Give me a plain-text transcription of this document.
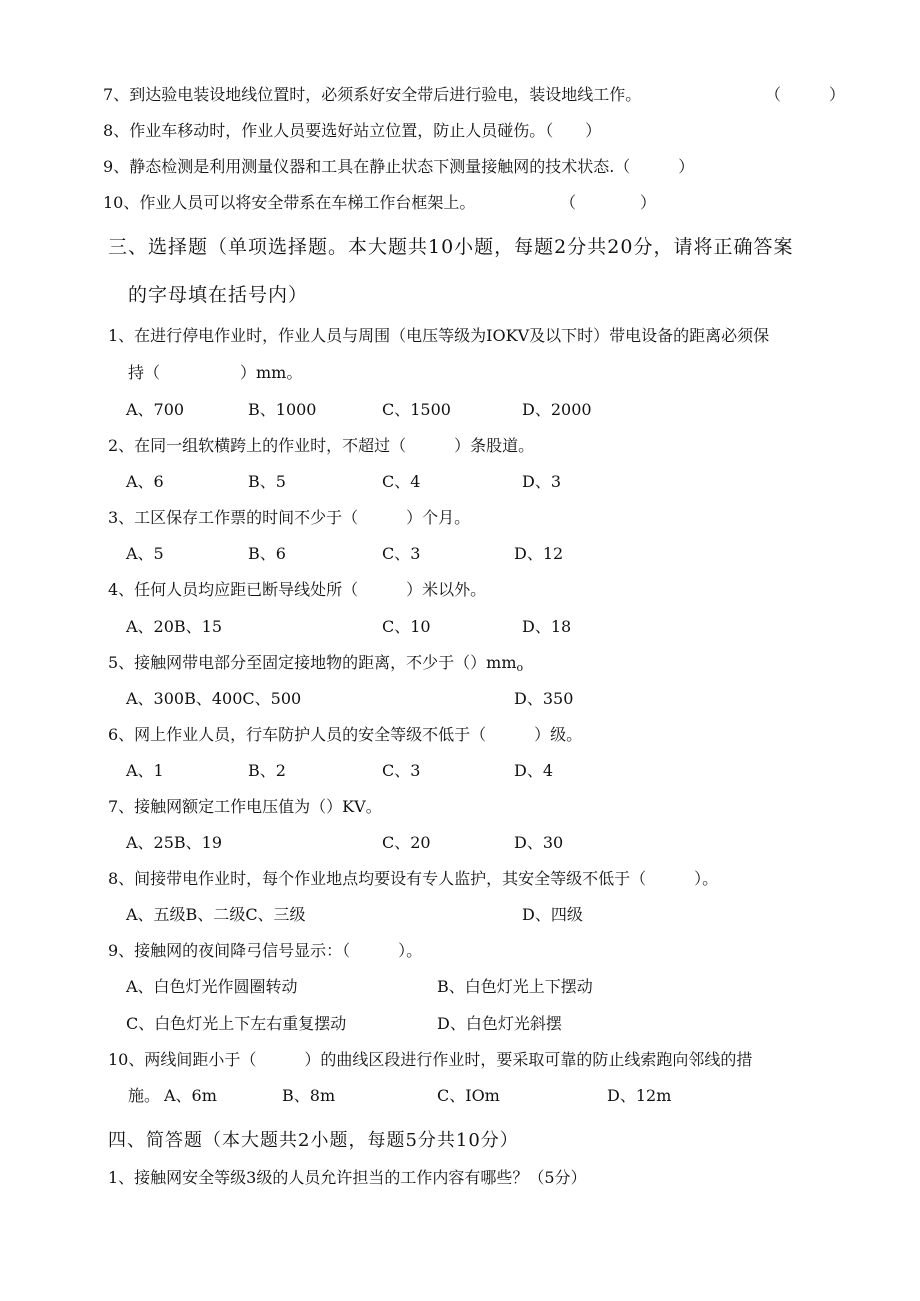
7、到达验电装设地线位置时，必须系好安全带后进行验电，装设地线工作。	（　　　）
8、作业车移动时，作业人员要选好站立位置，防止人员碰伤。（　　）
9、静态检测是利用测量仪器和工具在静止状态下测量接触网的技术状态.（　　　）
10、作业人员可以将安全带系在车梯工作台框架上。	（　　　　）
三、选择题（单项选择题。本大题共10小题，每题2分共20分，请将正确答案
的字母填在括号内）
1、在进行停电作业时，作业人员与周围（电压等级为IOKV及以下时）带电设备的距离必须保
持（　　　　　）mm。
A、700	B、1000	C、1500	D、2000
2、在同一组软横跨上的作业时，不超过（　　　）条股道。
A、6	B、5	C、4	D、3
3、工区保存工作票的时间不少于（　　　）个月。
A、5	B、6	C、3	D、12
4、任何人员均应距已断导线处所（　　　）米以外。
A、20B、15	C、10	D、18
5、接触网带电部分至固定接地物的距离，不少于$()mm_o$
A、300B、400C、500	D、350
6、网上作业人员，行车防护人员的安全等级不低于（　　　）级。
A、1	B、2	C、3	D、4
7、接触网额定工作电压值为（）KV。
A、25B、19	C、20	D、30
8、间接带电作业时，每个作业地点均要设有专人监护，其安全等级不低于（　　　）。
A、五级B、二级C、三级	D、四级
9、接触网的夜间降弓信号显示：（　　　）。
A、白色灯光作圆圈转动	B、白色灯光上下摆动
C、白色灯光上下左右重复摆动	D、白色灯光斜摆
10、两线间距小于（　　　）的曲线区段进行作业时，要采取可靠的防止线索跑向邻线的措
施。 A、6m	B、8m	C、IOm	D、12m
四、简答题（本大题共2小题，每题5分共10分）
1、接触网安全等级3级的人员允许担当的工作内容有哪些？（5分）
